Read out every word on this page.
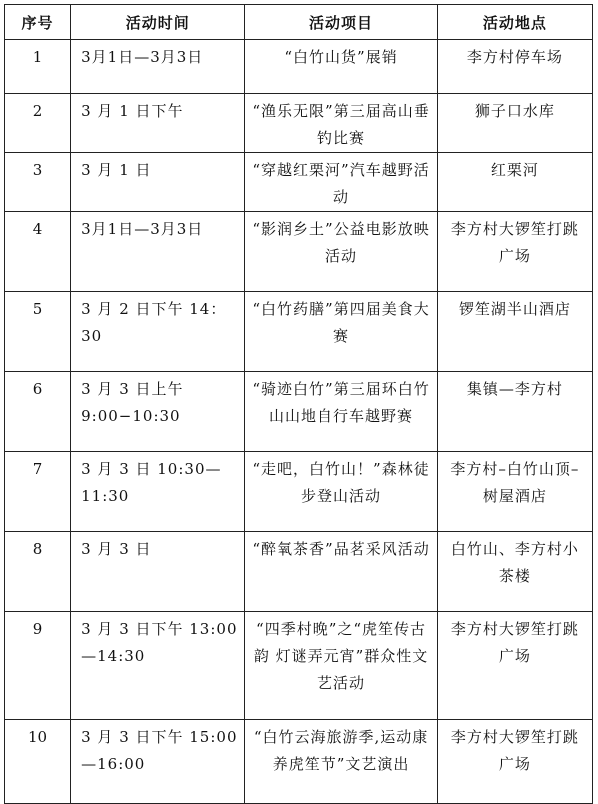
序号	活动时间	活动项目	活动地点

1	3月1日—3月3日	“白竹山货”展销	李方村停车场

2	3 月 1 日下午	“渔乐无限”第三届高山垂钓比赛	狮子口水库

3	3 月 1 日	“穿越红栗河”汽车越野活动	红栗河

4	3月1日—3月3日	“影润乡土”公益电影放映活动	李方村大锣笙打跳广场

5	3 月 2 日下午 14：30	“白竹药膳”第四届美食大赛	锣笙湖半山酒店

6	3 月 3 日上午 9:00−10:30	“骑迹白竹”第三届环白竹山山地自行车越野赛	集镇—李方村

7	3 月 3 日 10:30—11:30	“走吧，白竹山！”森林徒步登山活动	李方村–白竹山顶–树屋酒店

8	3 月 3 日	“醉氧茶香”品茗采风活动	白竹山、李方村小茶楼

9	3 月 3 日下午 13:00—14:30	“四季村晚”之“虎笙传古韵 灯谜弄元宵”群众性文艺活动	李方村大锣笙打跳广场

10	3 月 3 日下午 15:00—16:00	“白竹云海旅游季,运动康养虎笙节”文艺演出	李方村大锣笙打跳广场
